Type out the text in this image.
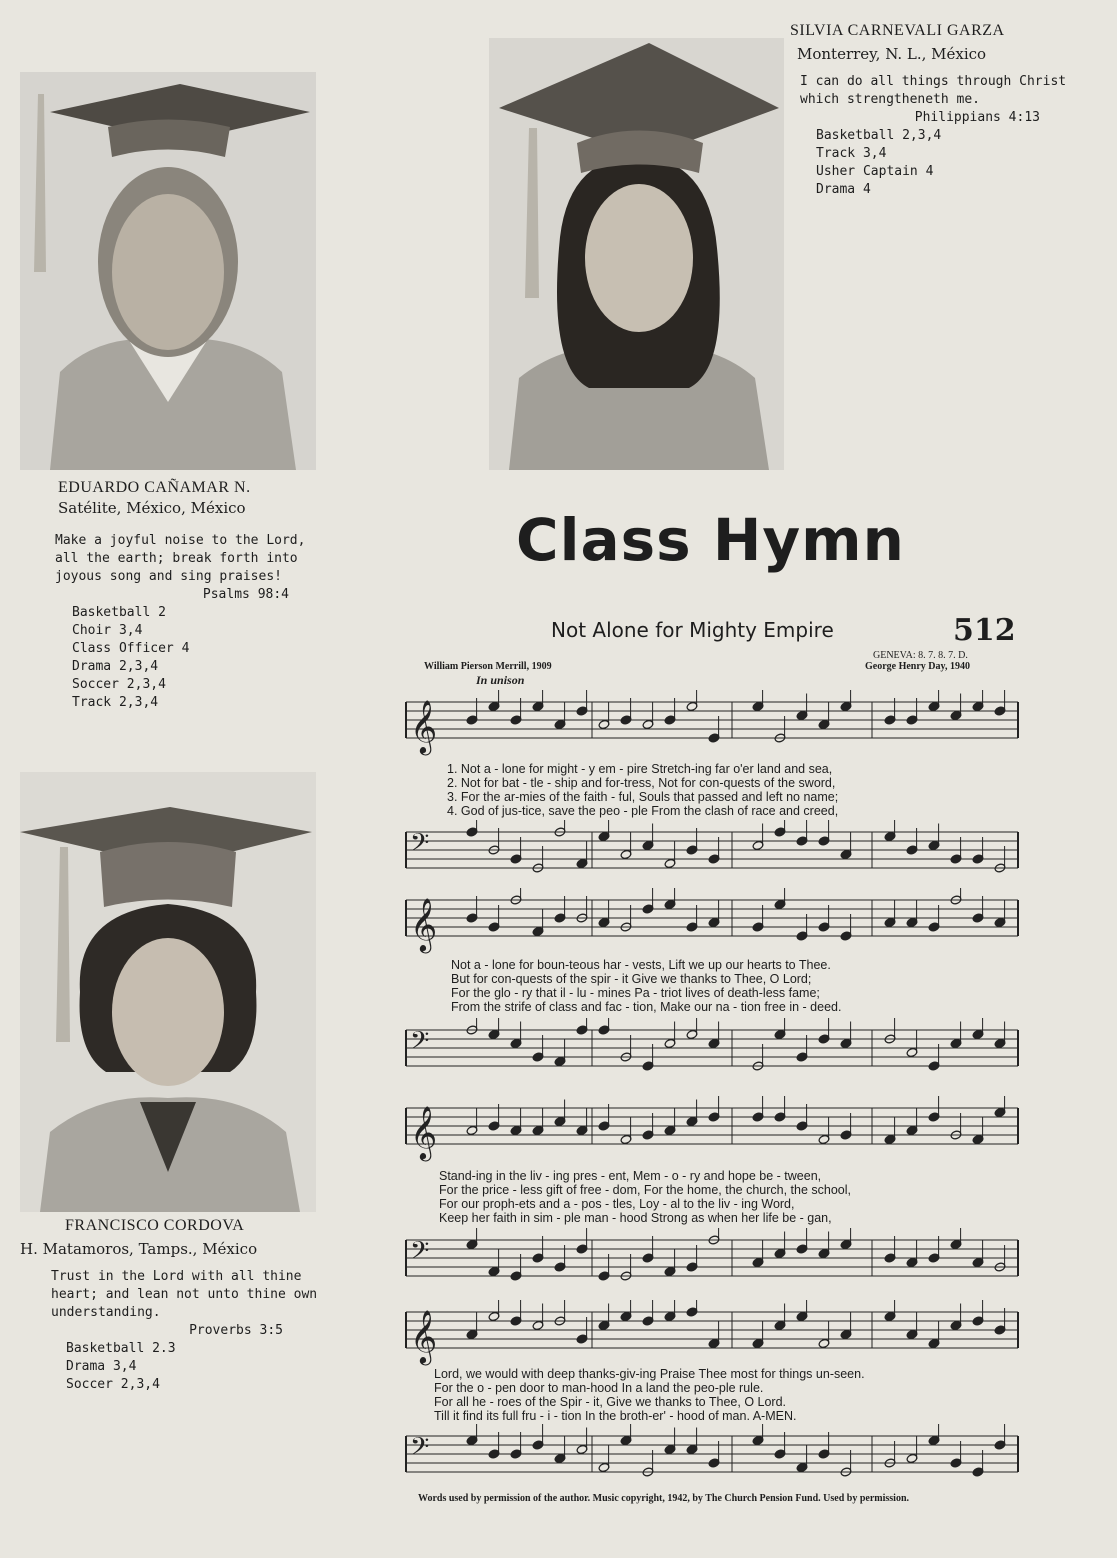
SILVIA CARNEVALI GARZA
Monterrey, N. L., México
I can do all things through Christ
which strengtheneth me.
Philippians 4:13
Basketball 2,3,4
Track 3,4
Usher Captain 4
Drama 4
EDUARDO CAÑAMAR N.
Satélite, México, México
Make a joyful noise to the Lord,
all the earth; break forth into
joyous song and sing praises!
Psalms 98:4
Basketball 2
Choir 3,4
Class Officer 4
Drama 2,3,4
Soccer 2,3,4
Track 2,3,4
FRANCISCO CORDOVA
H. Matamoros, Tamps., México
Trust in the Lord with all thine
heart; and lean not unto thine own
understanding.
Proverbs 3:5
Basketball 2.3
Drama 3,4
Soccer 2,3,4
Class Hymn
Not Alone for Mighty Empire	512
GENEVA: 8. 7. 8. 7. D.
George Henry Day, 1940
William Pierson Merrill, 1909
In unison
𝄞
1. Not a - lone for might - y em - pire Stretch-ing far o'er land and sea,
2. Not for bat - tle - ship and for-tress, Not for con-quests of the sword,
3. For the ar-mies of the faith - ful, Souls that passed and left no name;
4. God of jus-tice, save the peo - ple From the clash of race and creed,
𝄢
𝄞
Not a - lone for boun-teous har - vests, Lift we up our hearts to Thee.
But for con-quests of the spir - it Give we thanks to Thee, O Lord;
For the glo - ry that il - lu - mines Pa - triot lives of death-less fame;
From the strife of class and fac - tion, Make our na - tion free in - deed.
𝄢
𝄞
Stand-ing in the liv - ing pres - ent, Mem - o - ry and hope be - tween,
For the price - less gift of free - dom, For the home, the church, the school,
For our proph-ets and a - pos - tles, Loy - al to the liv - ing Word,
Keep her faith in sim - ple man - hood Strong as when her life be - gan,
𝄢
𝄞
Lord, we would with deep thanks-giv-ing Praise Thee most for things un-seen.
For the o - pen door to man-hood In a land the peo-ple rule.
For all he - roes of the Spir - it, Give we thanks to Thee, O Lord.
Till it find its full fru - i - tion In the broth-er' - hood of man. A-MEN.
𝄢
Words used by permission of the author. Music copyright, 1942, by The Church Pension Fund. Used by permission.
